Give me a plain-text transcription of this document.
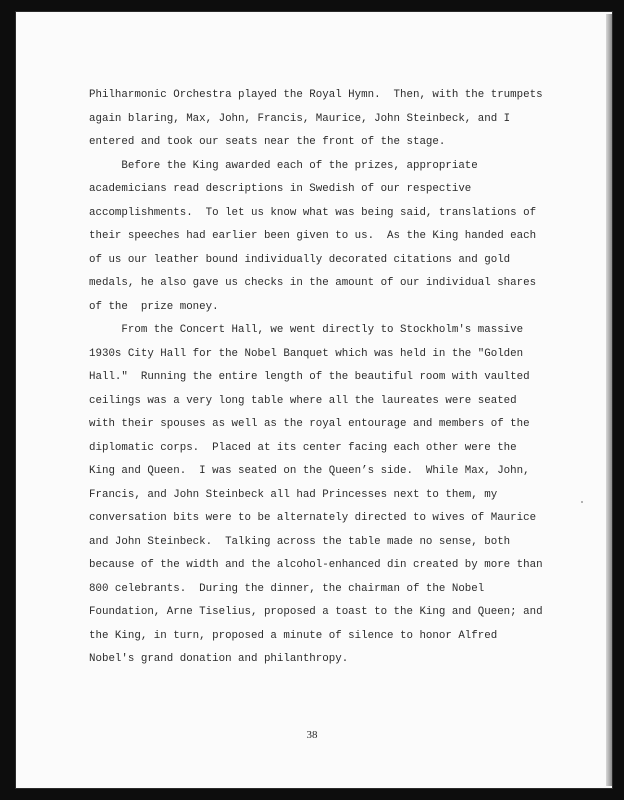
Philharmonic Orchestra played the Royal Hymn.  Then, with the trumpets
again blaring, Max, John, Francis, Maurice, John Steinbeck, and I
entered and took our seats near the front of the stage.
Before the King awarded each of the prizes, appropriate
academicians read descriptions in Swedish of our respective
accomplishments.  To let us know what was being said, translations of
their speeches had earlier been given to us.  As the King handed each
of us our leather bound individually decorated citations and gold
medals, he also gave us checks in the amount of our individual shares
of the  prize money.
From the Concert Hall, we went directly to Stockholm's massive
1930s City Hall for the Nobel Banquet which was held in the "Golden
Hall."  Running the entire length of the beautiful room with vaulted
ceilings was a very long table where all the laureates were seated
with their spouses as well as the royal entourage and members of the
diplomatic corps.  Placed at its center facing each other were the
King and Queen.  I was seated on the Queen’s side.  While Max, John,
Francis, and John Steinbeck all had Princesses next to them, my
conversation bits were to be alternately directed to wives of Maurice
and John Steinbeck.  Talking across the table made no sense, both
because of the width and the alcohol-enhanced din created by more than
800 celebrants.  During the dinner, the chairman of the Nobel
Foundation, Arne Tiselius, proposed a toast to the King and Queen; and
the King, in turn, proposed a minute of silence to honor Alfred
Nobel's grand donation and philanthropy.
38
